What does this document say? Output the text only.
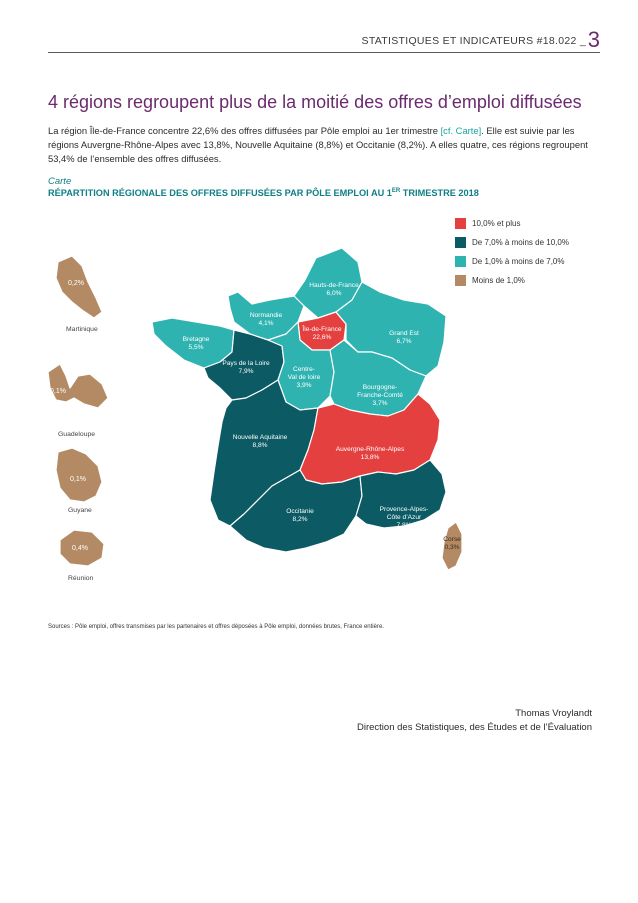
STATISTIQUES ET INDICATEURS #18.022 _ 3
4 régions regroupent plus de la moitié des offres d’emploi diffusées
La région Île-de-France concentre 22,6% des offres diffusées par Pôle emploi au 1er trimestre [cf. Carte]. Elle est suivie par les régions Auvergne-Rhône-Alpes avec 13,8%, Nouvelle Aquitaine (8,8%) et Occitanie (8,2%). A elles quatre, ces régions regroupent 53,4% de l’ensemble des offres diffusées.
Carte
RÉPARTITION RÉGIONALE DES OFFRES DIFFUSÉES PAR PÔLE EMPLOI AU 1ER TRIMESTRE 2018
10,0% et plus
De 7,0% à moins de 10,0%
De 1,0% à moins de 7,0%
Moins de 1,0%
Hauts-de-France
6,0%
Normandie
4,1%
Île-de-France
22,6%
Grand Est
6,7%
Bretagne
5,5%
Pays de la Loire
7,9%	Centre-
Val de loire
3,9%	Bourgogne-
Franche-Comté
3,7%
Nouvelle Aquitaine
8,8%
Auvergne-Rhône-Alpes
13,8%
Occitanie
8,2%
Provence-Alpes-
Côte d’Azur
7,8%
Corse
0,3%
0,2%
Martinique
0,1%
Guadeloupe
0,1%
Guyane
0,4%
Réunion
Sources : Pôle emploi, offres transmises par les partenaires et offres déposées à Pôle emploi, données brutes, France entière.
Thomas Vroylandt
Direction des Statistiques, des Études et de l’Évaluation
